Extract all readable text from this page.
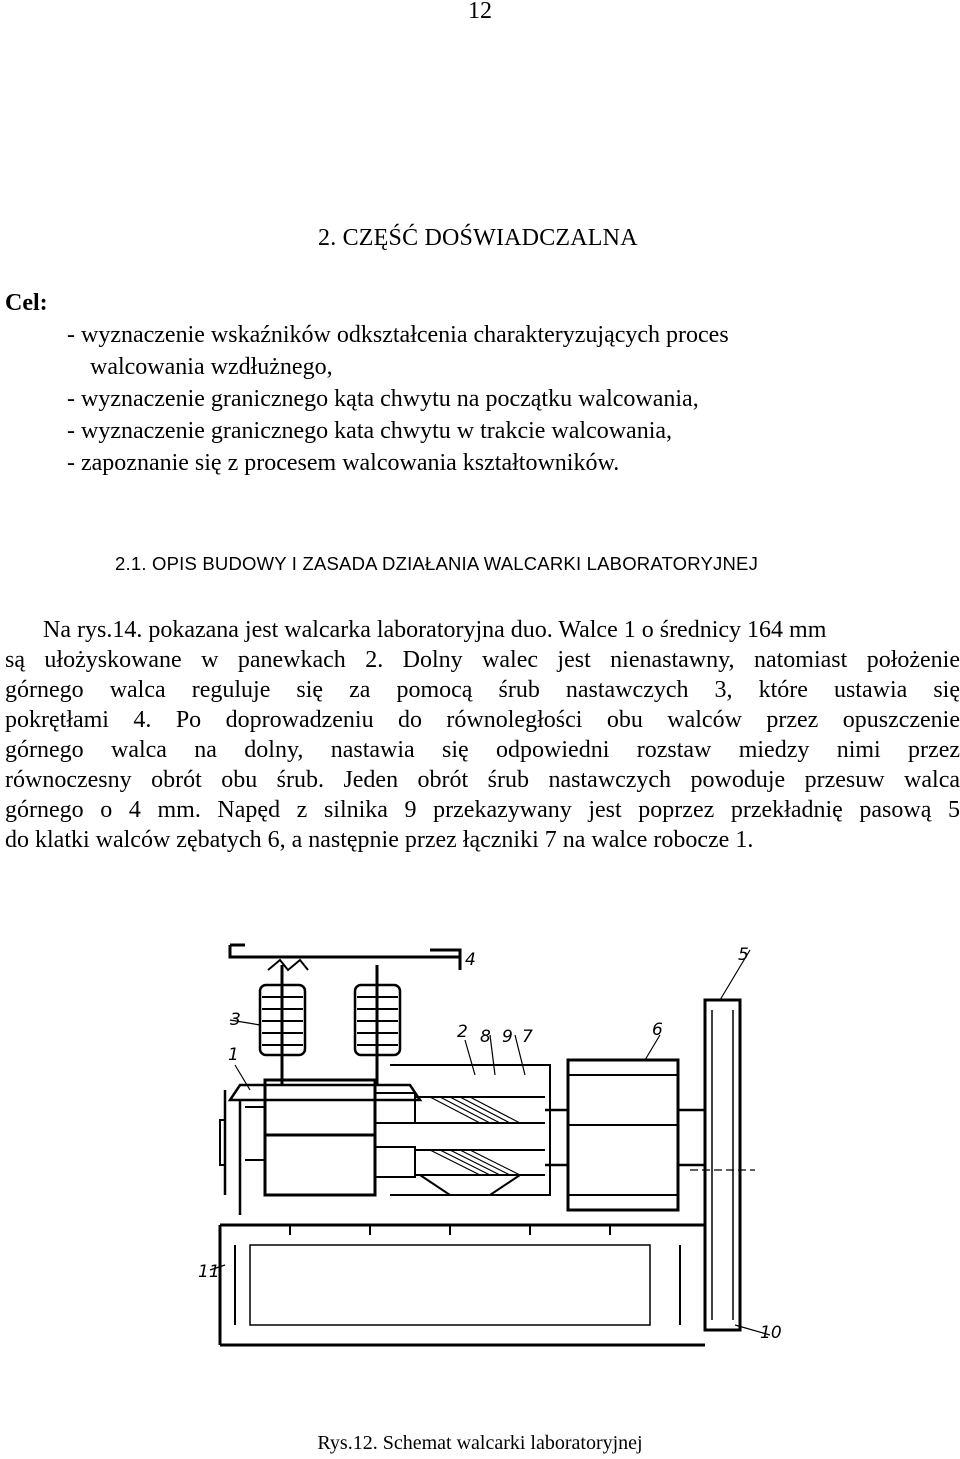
12
2. CZĘŚĆ DOŚWIADCZALNA
Cel:
- wyznaczenie wskaźników odkształcenia charakteryzujących proces
walcowania wzdłużnego,
- wyznaczenie granicznego kąta chwytu na początku walcowania,
- wyznaczenie granicznego kata chwytu w trakcie walcowania,
- zapoznanie się z procesem walcowania kształtowników.
2.1. OPIS BUDOWY I ZASADA DZIAŁANIA WALCARKI LABORATORYJNEJ
Na rys.14. pokazana jest walcarka laboratoryjna duo. Walce 1 o średnicy 164 mm
są ułożyskowane w panewkach 2. Dolny walec jest nienastawny, natomiast położenie
górnego walca reguluje się za pomocą śrub nastawczych 3, które ustawia się
pokrętłami 4. Po doprowadzeniu do równoległości obu walców przez opuszczenie
górnego walca na dolny, nastawia się odpowiedni rozstaw miedzy nimi przez
równoczesny obrót obu śrub. Jeden obrót śrub nastawczych powoduje przesuw walca
górnego o 4 mm. Napęd z silnika 9 przekazywany jest poprzez przekładnię pasową 5
do klatki walców zębatych 6, a następnie przez łączniki 7 na walce robocze 1.
4	5
3
2 8 9 7	6
1
11
10
Rys.12. Schemat walcarki laboratoryjnej
